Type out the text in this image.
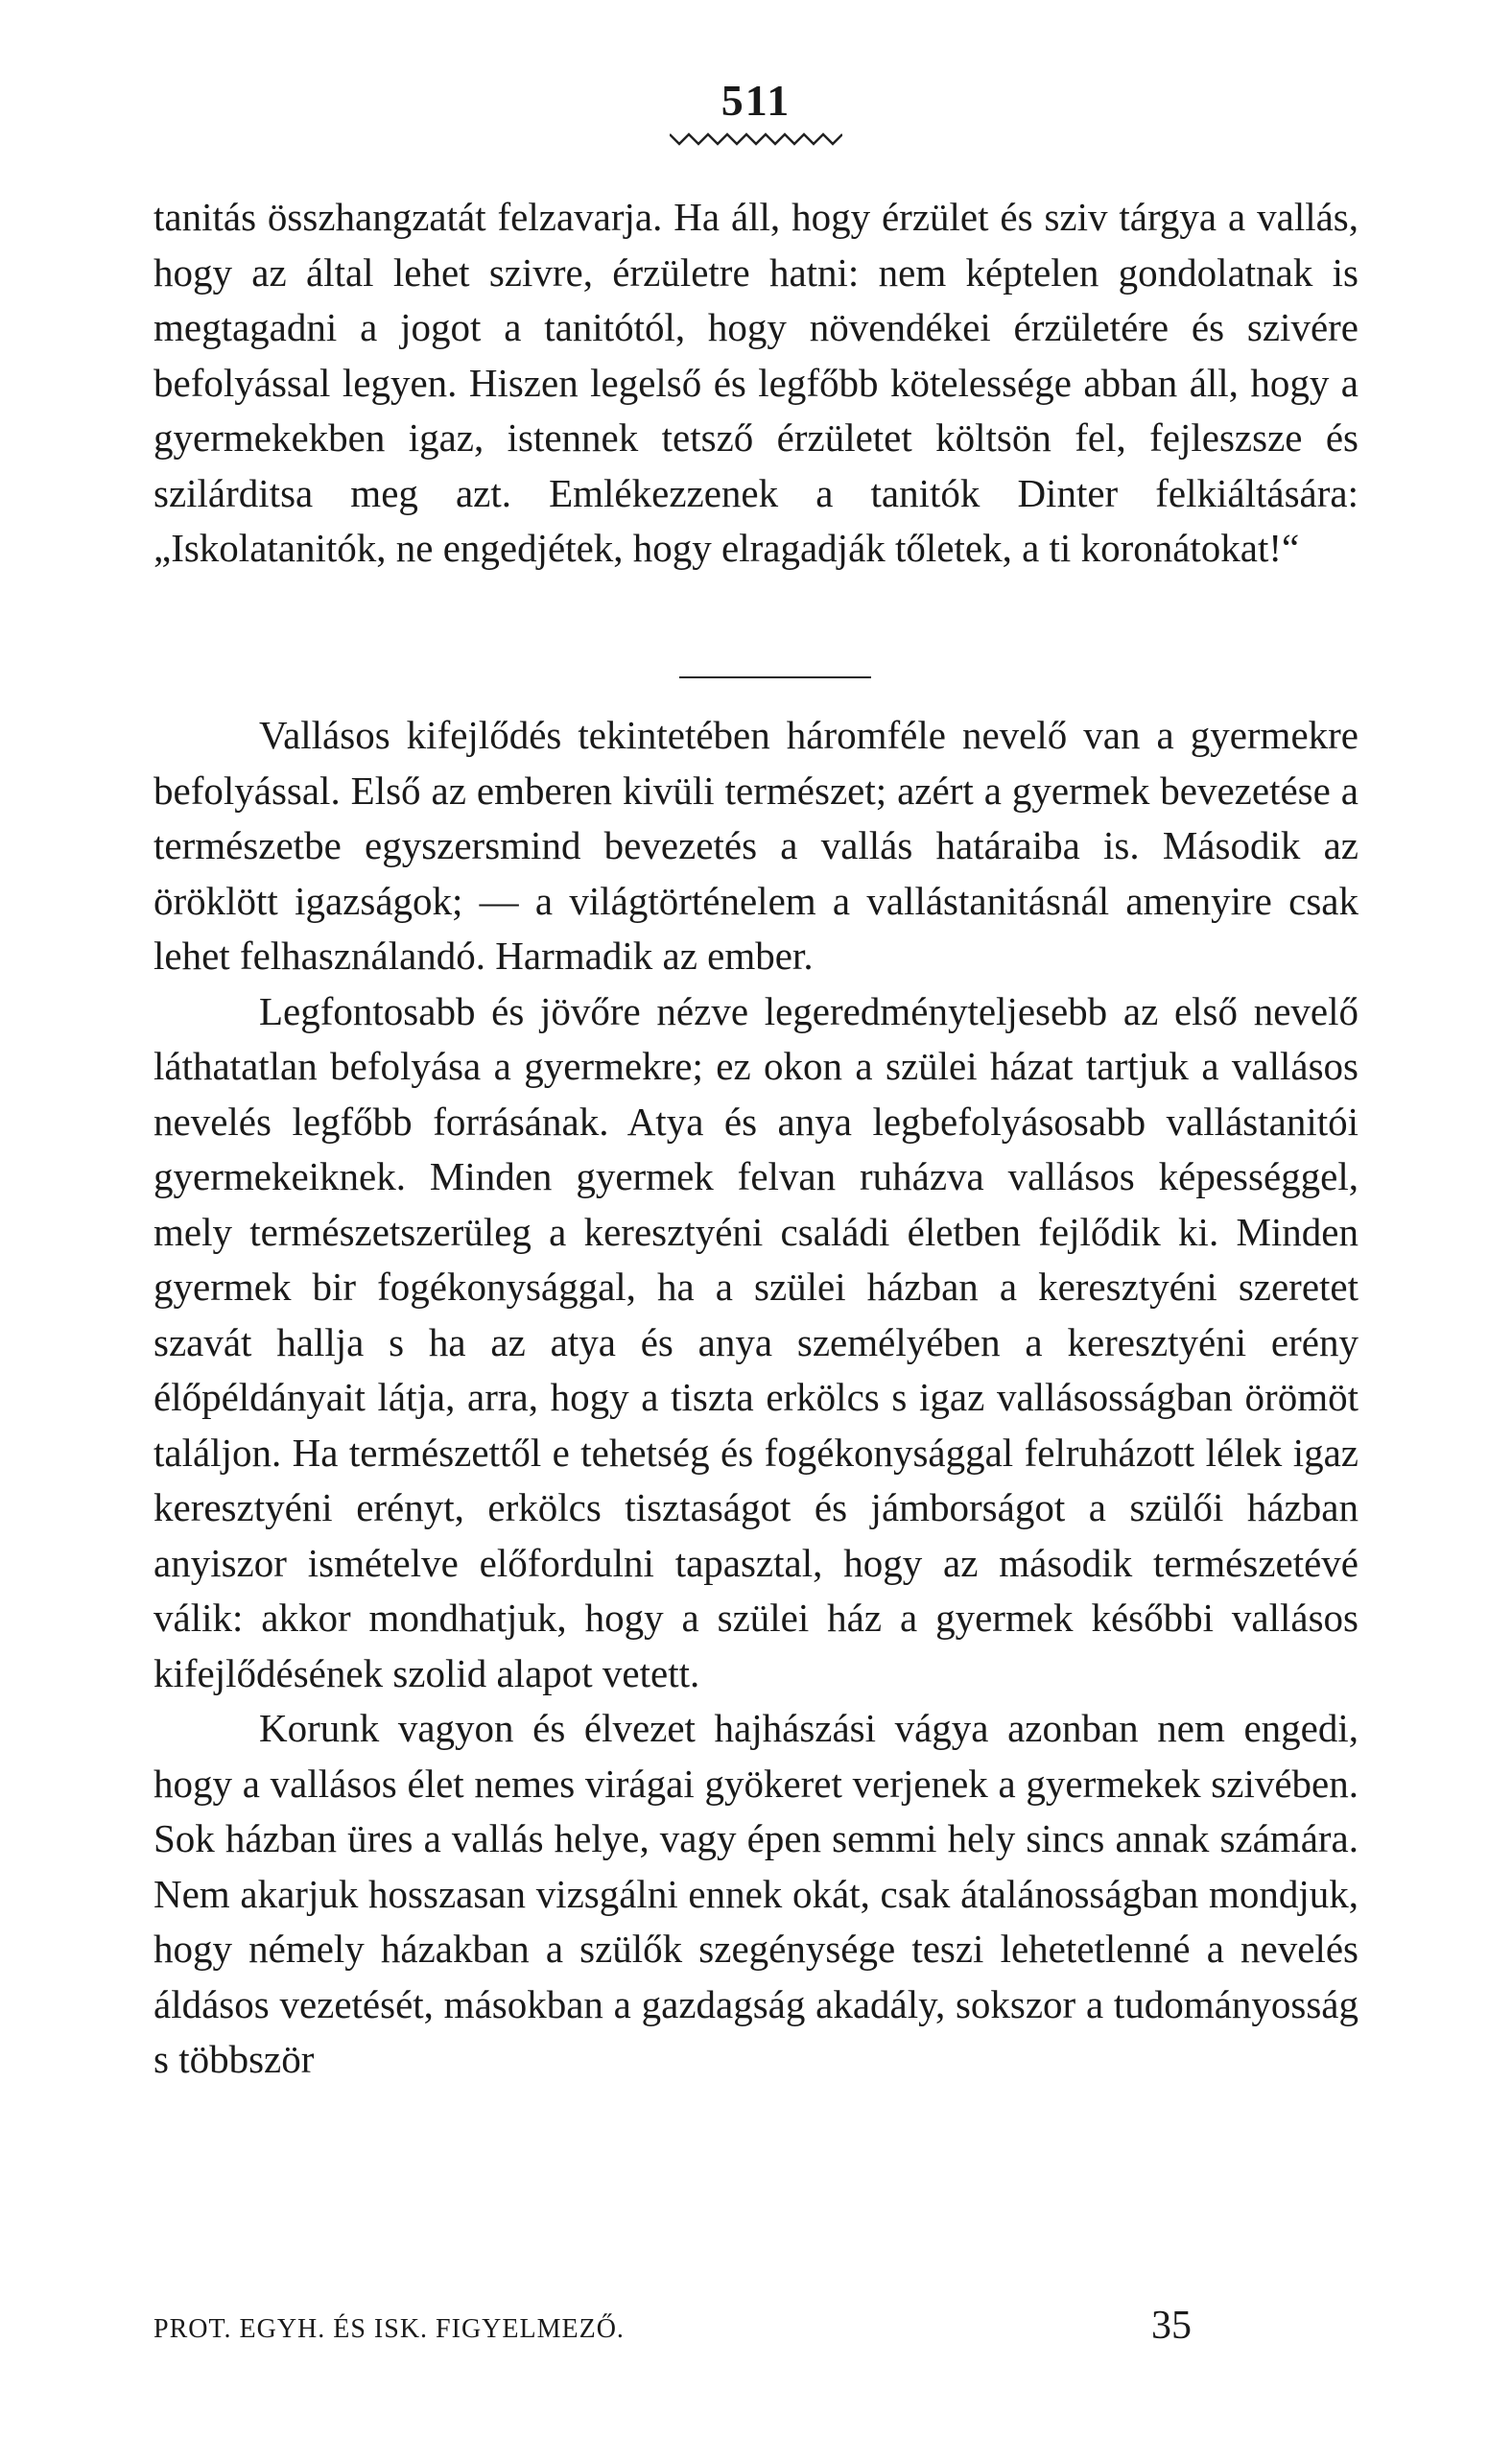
511

tanitás összhangzatát felzavarja. Ha áll, hogy érzület és sziv tárgya a vallás, hogy az által lehet szivre, érzületre hatni: nem képtelen gondolatnak is megtagadni a jogot a tanitótól, hogy növendékei érzületére és szivére befolyással legyen. Hiszen legelső és legfőbb kötelessége abban áll, hogy a gyermekekben igaz, istennek tetsző érzületet költsön fel, fejleszsze és szilárditsa meg azt. Emlékezzenek a tanitók Dinter felkiáltására: „Iskolatanitók, ne engedjétek, hogy elragadják tőletek, a ti koronátokat!“

Vallásos kifejlődés tekintetében háromféle nevelő van a gyermekre befolyással. Első az emberen kivüli természet; azért a gyermek bevezetése a természetbe egyszersmind bevezetés a vallás határaiba is. Második az öröklött igazságok; — a világtörténelem a vallástanitásnál amenyire csak lehet felhasználandó. Harmadik az ember.

Legfontosabb és jövőre nézve legeredményteljesebb az első nevelő láthatatlan befolyása a gyermekre; ez okon a szülei házat tartjuk a vallásos nevelés legfőbb forrásának. Atya és anya legbefolyásosabb vallástanitói gyermekeiknek. Minden gyermek felvan ruházva vallásos képességgel, mely természetszerüleg a keresztyéni családi életben fejlődik ki. Minden gyermek bir fogékonysággal, ha a szülei házban a keresztyéni szeretet szavát hallja s ha az atya és anya személyében a keresztyéni erény élőpéldányait látja, arra, hogy a tiszta erkölcs s igaz vallásosságban örömöt találjon. Ha természettől e tehetség és fogékonysággal felruházott lélek igaz keresztyéni erényt, erkölcs tisztaságot és jámborságot a szülői házban anyiszor ismételve előfordulni tapasztal, hogy az második természetévé válik: akkor mondhatjuk, hogy a szülei ház a gyermek későbbi vallásos kifejlődésének szolid alapot vetett.

Korunk vagyon és élvezet hajhászási vágya azonban nem engedi, hogy a vallásos élet nemes virágai gyökeret verjenek a gyermekek szivében. Sok házban üres a vallás helye, vagy épen semmi hely sincs annak számára. Nem akarjuk hosszasan vizsgálni ennek okát, csak átalánosságban mondjuk, hogy némely házakban a szülők szegénysége teszi lehetetlenné a nevelés áldásos vezetését, másokban a gazdagság akadály, sokszor a tudományosság s többször

PROT. EGYH. ÉS ISK. FIGYELMEZŐ.	35
